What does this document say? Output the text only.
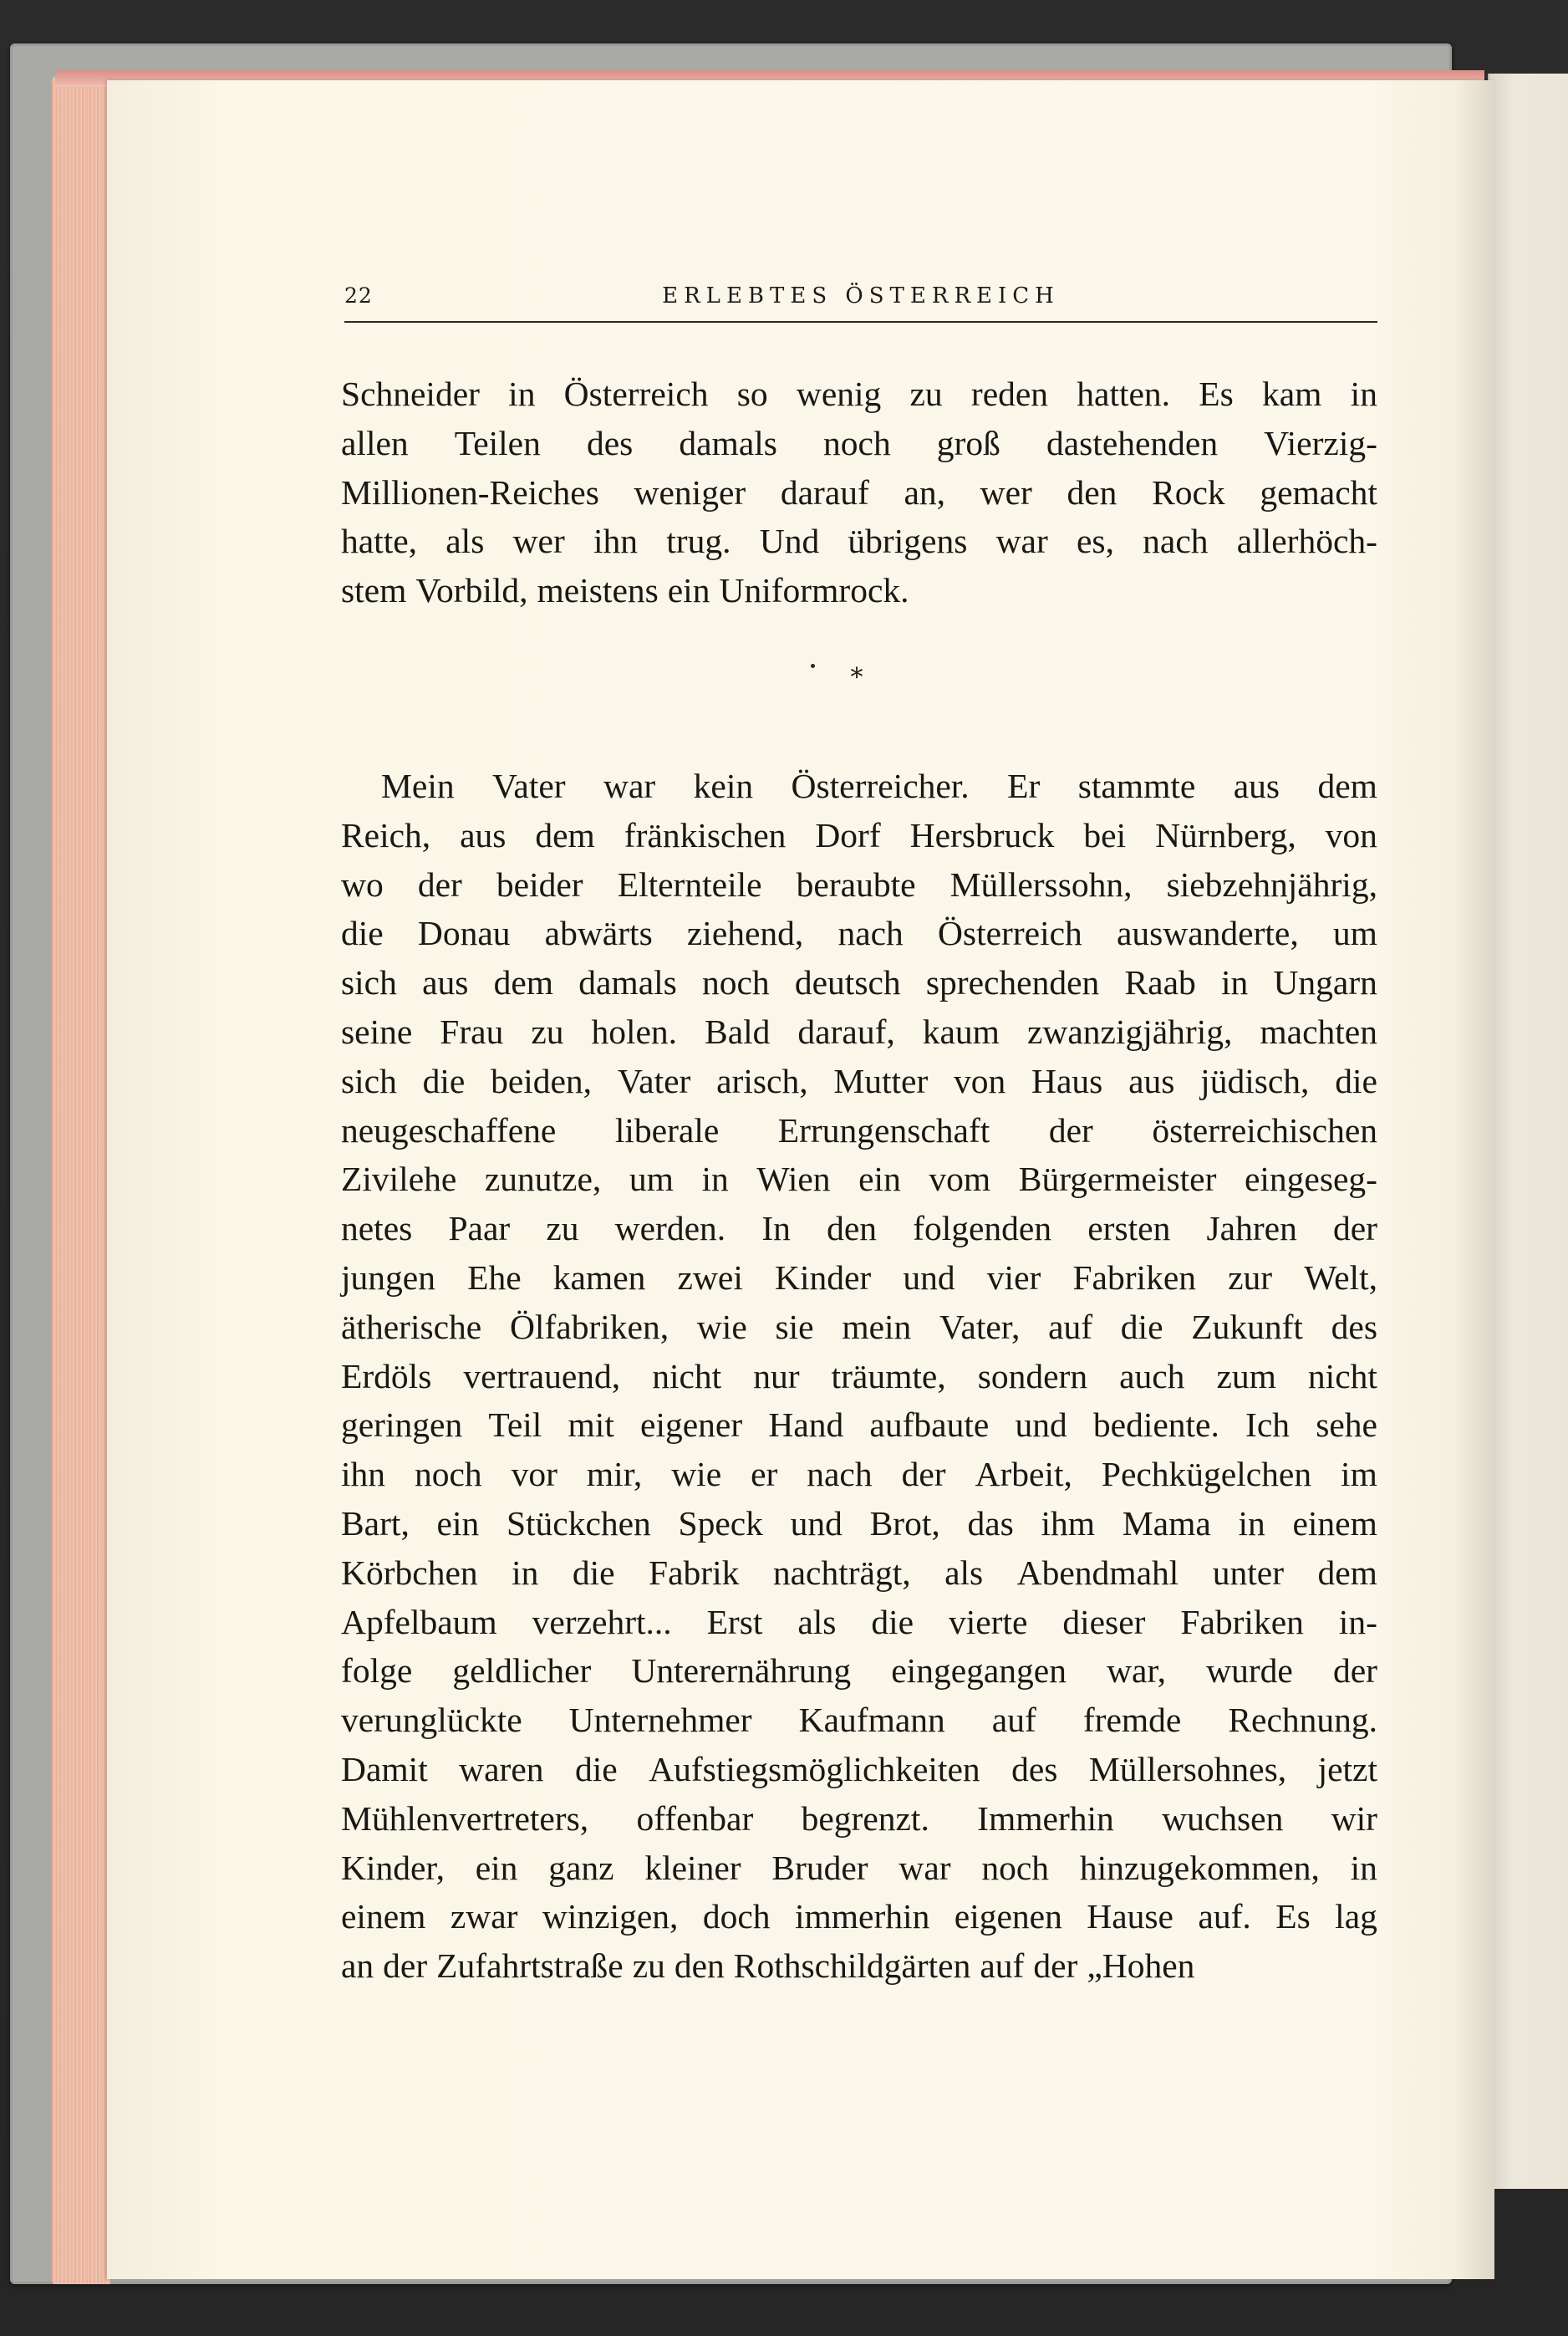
22	ERLEBTES ÖSTERREICH
Schneider in Österreich so wenig zu reden hatten. Es kam in
allen Teilen des damals noch groß dastehenden Vierzig-
Millionen-Reiches weniger darauf an, wer den Rock gemacht
hatte, als wer ihn trug. Und übrigens war es, nach allerhöch-
stem Vorbild, meistens ein Uniformrock.
*
Mein Vater war kein Österreicher. Er stammte aus dem
Reich, aus dem fränkischen Dorf Hersbruck bei Nürnberg, von
wo der beider Elternteile beraubte Müllerssohn, siebzehnjährig,
die Donau abwärts ziehend, nach Österreich auswanderte, um
sich aus dem damals noch deutsch sprechenden Raab in Ungarn
seine Frau zu holen. Bald darauf, kaum zwanzigjährig, machten
sich die beiden, Vater arisch, Mutter von Haus aus jüdisch, die
neugeschaffene liberale Errungenschaft der österreichischen
Zivilehe zunutze, um in Wien ein vom Bürgermeister eingeseg-
netes Paar zu werden. In den folgenden ersten Jahren der
jungen Ehe kamen zwei Kinder und vier Fabriken zur Welt,
ätherische Ölfabriken, wie sie mein Vater, auf die Zukunft des
Erdöls vertrauend, nicht nur träumte, sondern auch zum nicht
geringen Teil mit eigener Hand aufbaute und bediente. Ich sehe
ihn noch vor mir, wie er nach der Arbeit, Pechkügelchen im
Bart, ein Stückchen Speck und Brot, das ihm Mama in einem
Körbchen in die Fabrik nachträgt, als Abendmahl unter dem
Apfelbaum verzehrt... Erst als die vierte dieser Fabriken in-
folge geldlicher Unterernährung eingegangen war, wurde der
verunglückte Unternehmer Kaufmann auf fremde Rechnung.
Damit waren die Aufstiegsmöglichkeiten des Müllersohnes, jetzt
Mühlenvertreters, offenbar begrenzt. Immerhin wuchsen wir
Kinder, ein ganz kleiner Bruder war noch hinzugekommen, in
einem zwar winzigen, doch immerhin eigenen Hause auf. Es lag
an der Zufahrtstraße zu den Rothschildgärten auf der „Hohen
